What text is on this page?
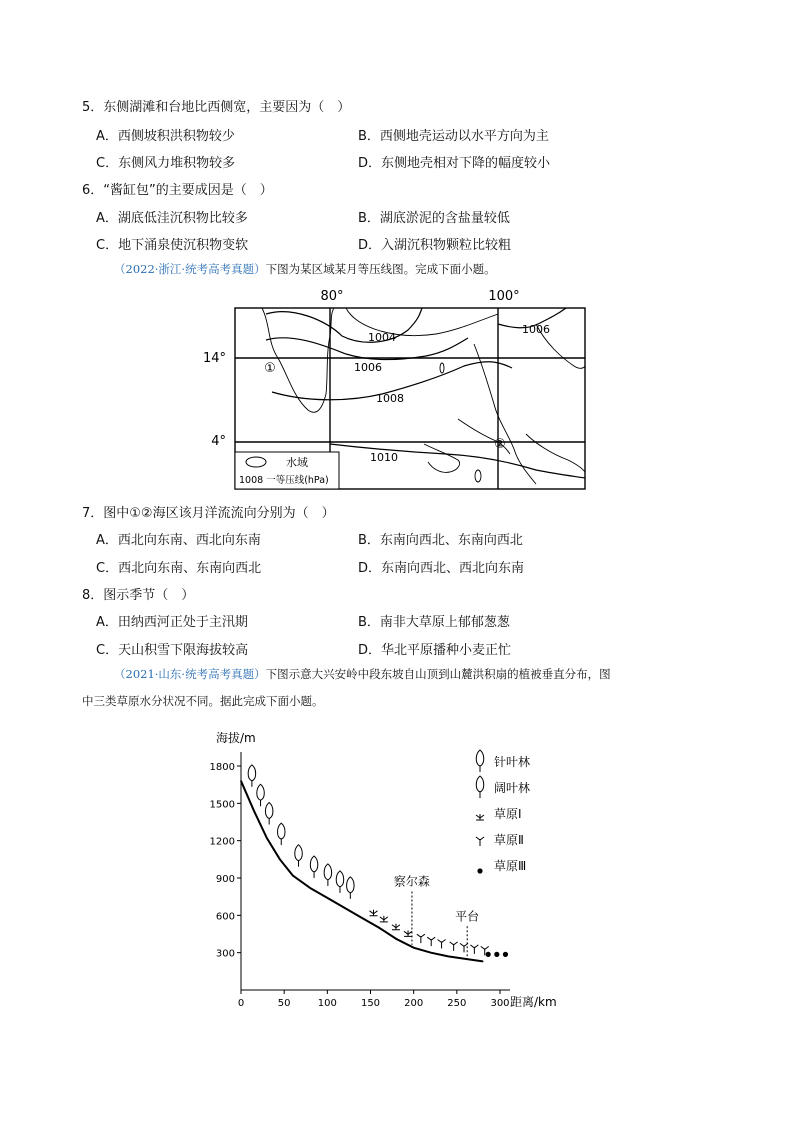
5．东侧湖滩和台地比西侧宽，主要因为（　）
A．西侧坡积洪积物较少	B．西侧地壳运动以水平方向为主
C．东侧风力堆积物较多	D．东侧地壳相对下降的幅度较小
6．“酱缸包”的主要成因是（　）
A．湖底低洼沉积物比较多	B．湖底淤泥的含盐量较低
C．地下涌泉使沉积物变软	D．入湖沉积物颗粒比较粗
（2022·浙江·统考高考真题）下图为某区域某月等压线图。完成下面小题。
80°	100°
14°
4°
1004
1006
1006
1008
1010
①
②
水域
1008 一等压线(hPa)
7．图中①②海区该月洋流流向分别为（　）
A．西北向东南、西北向东南	B．东南向西北、东南向西北
C．西北向东南、东南向西北	D．东南向西北、西北向东南
8．图示季节（　）
A．田纳西河正处于主汛期	B．南非大草原上郁郁葱葱
C．天山积雪下限海拔较高	D．华北平原播种小麦正忙
（2021·山东·统考高考真题）下图示意大兴安岭中段东坡自山顶到山麓洪积扇的植被垂直分布，图
中三类草原水分状况不同。据此完成下面小题。
海拔/m
距离/km
0	50	100 150 200 250 300
300
600
900
1200
1500
1800
察尔森
平台
针叶林
阔叶林
草原Ⅰ
草原Ⅱ
草原Ⅲ
